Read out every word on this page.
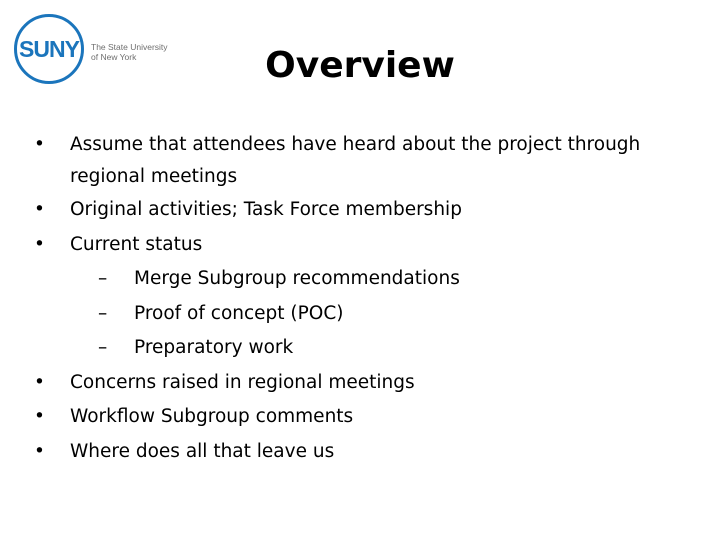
SUNY The State University
of New York	Overview
• Assume that attendees have heard about the project through regional meetings
• Original activities; Task Force membership
• Current status
– Merge Subgroup recommendations
– Proof of concept (POC)
– Preparatory work
• Concerns raised in regional meetings
• Workflow Subgroup comments
• Where does all that leave us
